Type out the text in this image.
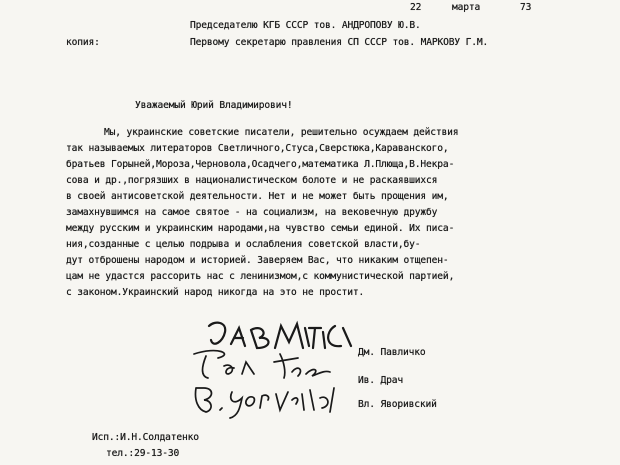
22	марта	73
Председателю КГБ СССР тов. АНДРОПОВУ Ю.В.
копия:	Первому секретарю правления СП СССР тов. МАРКОВУ Г.М.
Уважаемый Юрий Владимирович!
Мы, украинские советские писатели, решительно осуждаем действия
так называемых литераторов Светличного,Стуса,Сверстюка,Караванского,
братьев Горыней,Мороза,Черновола,Осадчего,математика Л.Плюща,В.Некра-
сова и др.,погрязших в националистическом болоте и не раскаявшихся
в своей антисоветской деятельности. Нет и не может быть прощения им,
замахнувшимся на самое святое - на социализм, на вековечную дружбу
между русским и украинским народами,на чувство семьи единой. Их писа-
ния,созданные с целью подрыва и ослабления советской власти,бу-
дут отброшены народом и историей. Заверяем Вас, что никаким отщепен-
цам не удастся рассорить нас с ленинизмом,с коммунистической партией,
с законом.Украинский народ никогда на это не простит.
Дм. Павличко
Ив. Драч
Вл. Яворивский
Исп.:И.Н.Солдатенко
тел.:29-13-30
